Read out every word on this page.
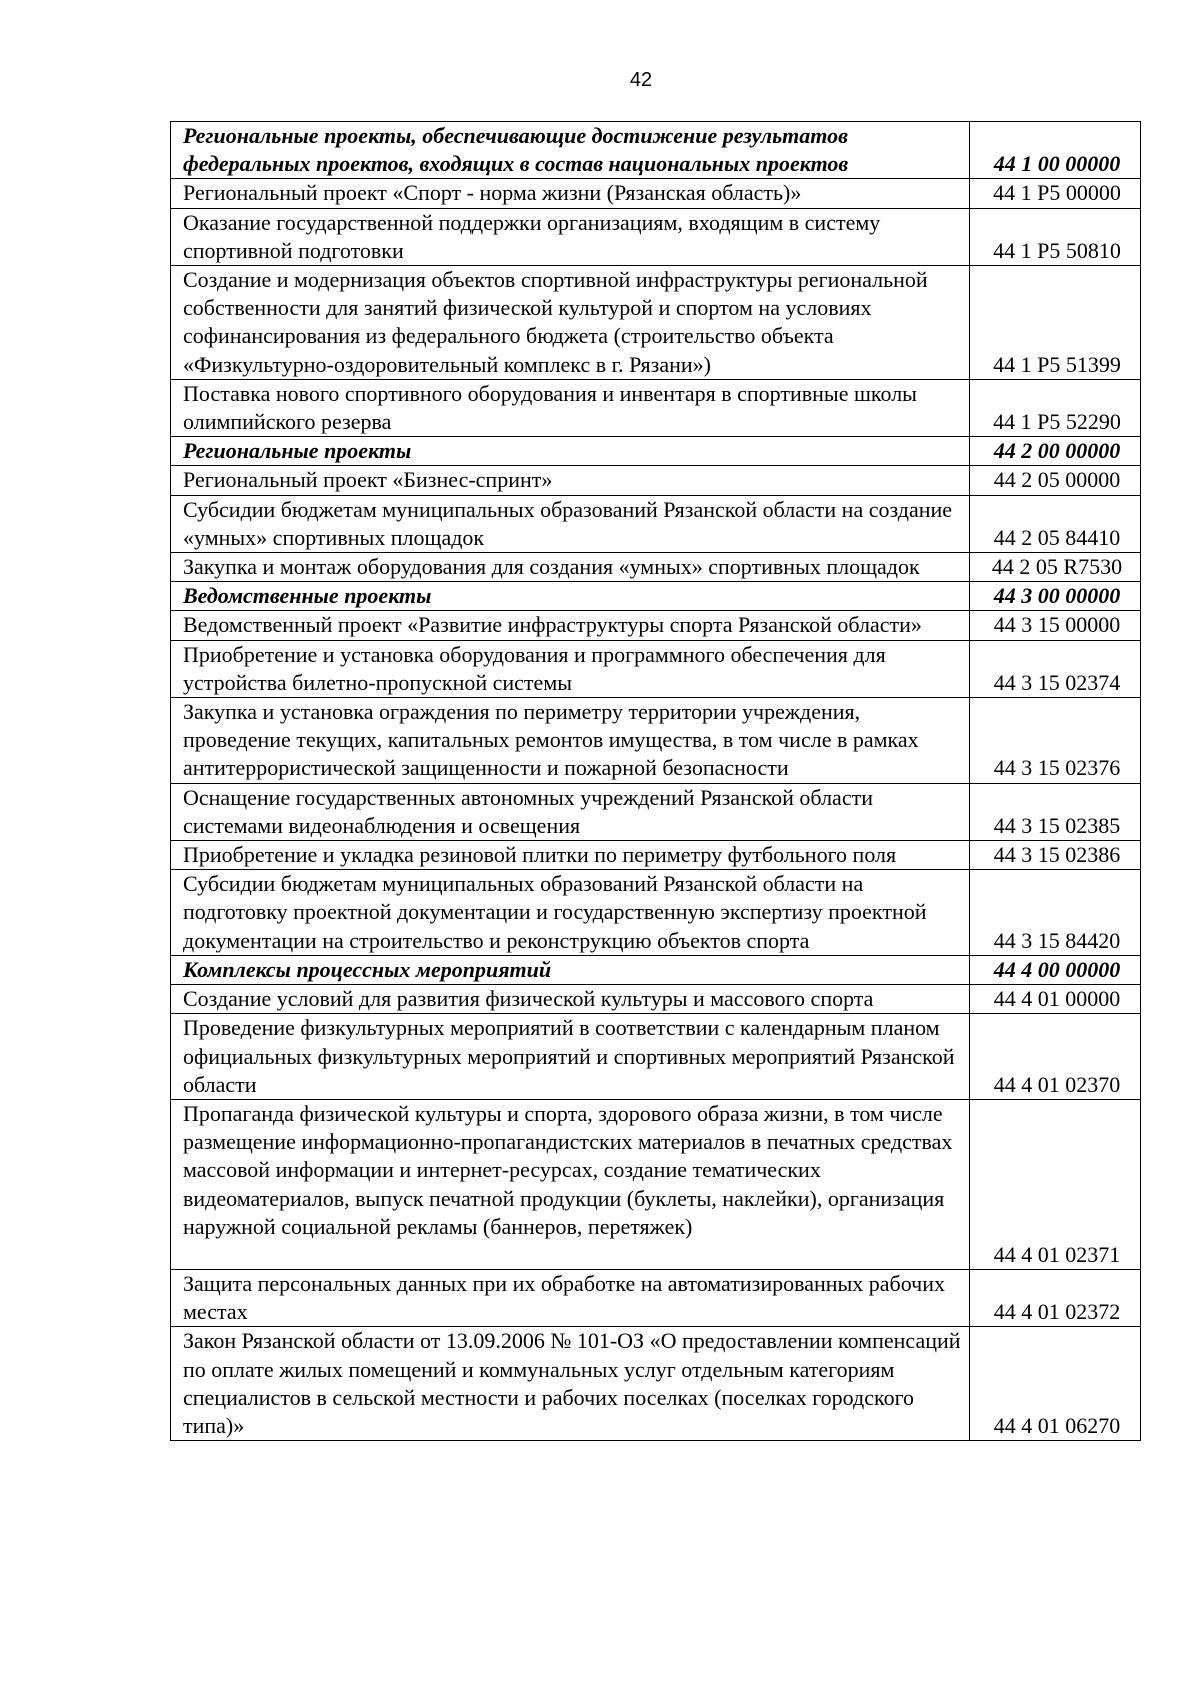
42
Региональные проекты, обеспечивающие достижение результатов федеральных проектов, входящих в состав национальных проектов	44 1 00 00000
Региональный проект «Спорт - норма жизни (Рязанская область)»	44 1 P5 00000
Оказание государственной поддержки организациям, входящим в систему спортивной подготовки	44 1 P5 50810
Создание и модернизация объектов спортивной инфраструктуры региональной собственности для занятий физической культурой и спортом на условиях софинансирования из федерального бюджета (строительство объекта «Физкультурно-оздоровительный комплекс в г. Рязани»)	44 1 P5 51399
Поставка нового спортивного оборудования и инвентаря в спортивные школы олимпийского резерва	44 1 P5 52290
Региональные проекты	44 2 00 00000
Региональный проект «Бизнес-спринт»	44 2 05 00000
Субсидии бюджетам муниципальных образований Рязанской области на создание «умных» спортивных площадок	44 2 05 84410
Закупка и монтаж оборудования для создания «умных» спортивных площадок	44 2 05 R7530
Ведомственные проекты	44 3 00 00000
Ведомственный проект «Развитие инфраструктуры спорта Рязанской области»	44 3 15 00000
Приобретение и установка оборудования и программного обеспечения для устройства билетно-пропускной системы	44 3 15 02374
Закупка и установка ограждения по периметру территории учреждения, проведение текущих, капитальных ремонтов имущества, в том числе в рамках антитеррористической защищенности и пожарной безопасности	44 3 15 02376
Оснащение государственных автономных учреждений Рязанской области системами видеонаблюдения и освещения	44 3 15 02385
Приобретение и укладка резиновой плитки по периметру футбольного поля	44 3 15 02386
Субсидии бюджетам муниципальных образований Рязанской области на подготовку проектной документации и государственную экспертизу проектной документации на строительство и реконструкцию объектов спорта	44 3 15 84420
Комплексы процессных мероприятий	44 4 00 00000
Создание условий для развития физической культуры и массового спорта	44 4 01 00000
Проведение физкультурных мероприятий в соответствии с календарным планом официальных физкультурных мероприятий и спортивных мероприятий Рязанской области	44 4 01 02370
Пропаганда физической культуры и спорта, здорового образа жизни, в том числе размещение информационно-пропагандистских материалов в печатных средствах массовой информации и интернет-ресурсах, создание тематических видеоматериалов, выпуск печатной продукции (буклеты, наклейки), организация наружной социальной рекламы (баннеров, перетяжек)	44 4 01 02371
Защита персональных данных при их обработке на автоматизированных рабочих местах	44 4 01 02372
Закон Рязанской области от 13.09.2006 № 101-ОЗ «О предоставлении компенсаций по оплате жилых помещений и коммунальных услуг отдельным категориям специалистов в сельской местности и рабочих поселках (поселках городского типа)»	44 4 01 06270
